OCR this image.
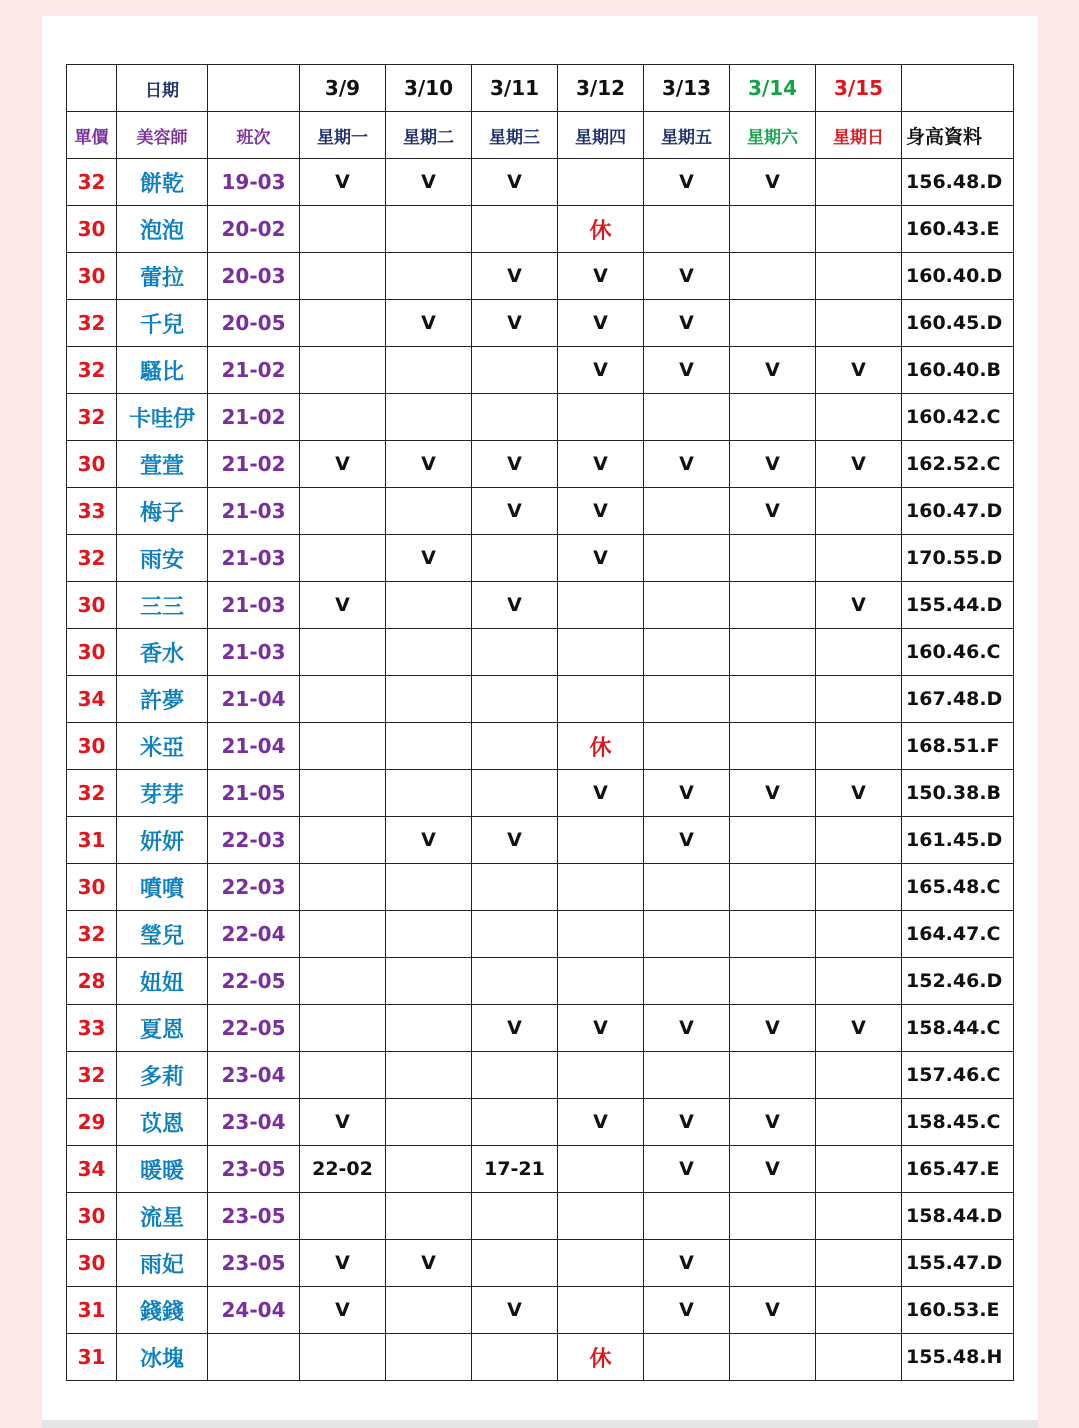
	日期		3/9	3/10	3/11	3/12	3/13	3/14	3/15	
單價	美容師	班次	星期一	星期二	星期三	星期四	星期五	星期六	星期日	身高資料
32	餅乾	19-03	V	V	V		V	V		156.48.D
30	泡泡	20-02				休				160.43.E
30	蕾拉	20-03			V	V	V			160.40.D
32	千兒	20-05		V	V	V	V			160.45.D
32	騷比	21-02				V	V	V	V	160.40.B
32	卡哇伊	21-02								160.42.C
30	萱萱	21-02	V	V	V	V	V	V	V	162.52.C
33	梅子	21-03			V	V		V		160.47.D
32	雨安	21-03		V		V				170.55.D
30	三三	21-03	V		V				V	155.44.D
30	香水	21-03								160.46.C
34	許夢	21-04								167.48.D
30	米亞	21-04				休				168.51.F
32	芽芽	21-05				V	V	V	V	150.38.B
31	妍妍	22-03		V	V		V			161.45.D
30	噴噴	22-03								165.48.C
32	瑩兒	22-04								164.47.C
28	妞妞	22-05								152.46.D
33	夏恩	22-05			V	V	V	V	V	158.44.C
32	多莉	23-04								157.46.C
29	苡恩	23-04	V			V	V	V		158.45.C
34	暖暖	23-05	22-02		17-21		V	V		165.47.E
30	流星	23-05								158.44.D
30	雨妃	23-05	V	V			V			155.47.D
31	錢錢	24-04	V		V		V	V		160.53.E
31	冰塊					休				155.48.H
